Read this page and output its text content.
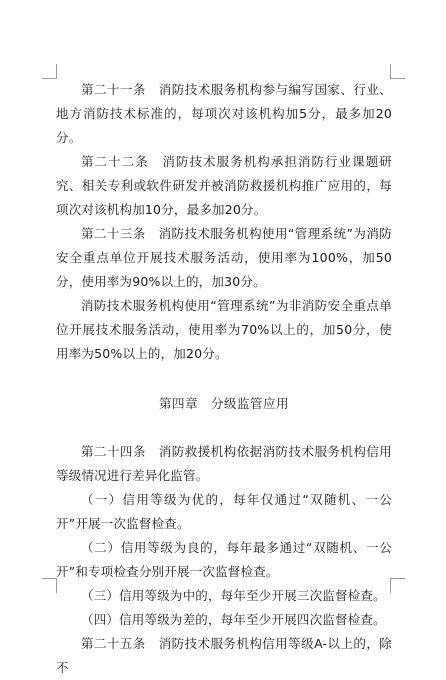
第二十一条　消防技术服务机构参与编写国家、行业、地方消防技术标准的，每项次对该机构加5分，最多加20分。

第二十二条　消防技术服务机构承担消防行业课题研究、相关专利或软件研发并被消防救援机构推广应用的，每项次对该机构加10分，最多加20分。

第二十三条　消防技术服务机构使用“管理系统”为消防安全重点单位开展技术服务活动，使用率为100%，加50分，使用率为90%以上的，加30分。

消防技术服务机构使用“管理系统”为非消防安全重点单位开展技术服务活动，使用率为70%以上的，加50分，使用率为50%以上的，加20分。

第四章　分级监管应用

第二十四条　消防救援机构依据消防技术服务机构信用等级情况进行差异化监管。

（一）信用等级为优的，每年仅通过“双随机、一公开”开展一次监督检查。

（二）信用等级为良的，每年最多通过“双随机、一公开”和专项检查分别开展一次监督检查。

（三）信用等级为中的，每年至少开展三次监督检查。

（四）信用等级为差的，每年至少开展四次监督检查。

第二十五条　消防技术服务机构信用等级A-以上的，除不
